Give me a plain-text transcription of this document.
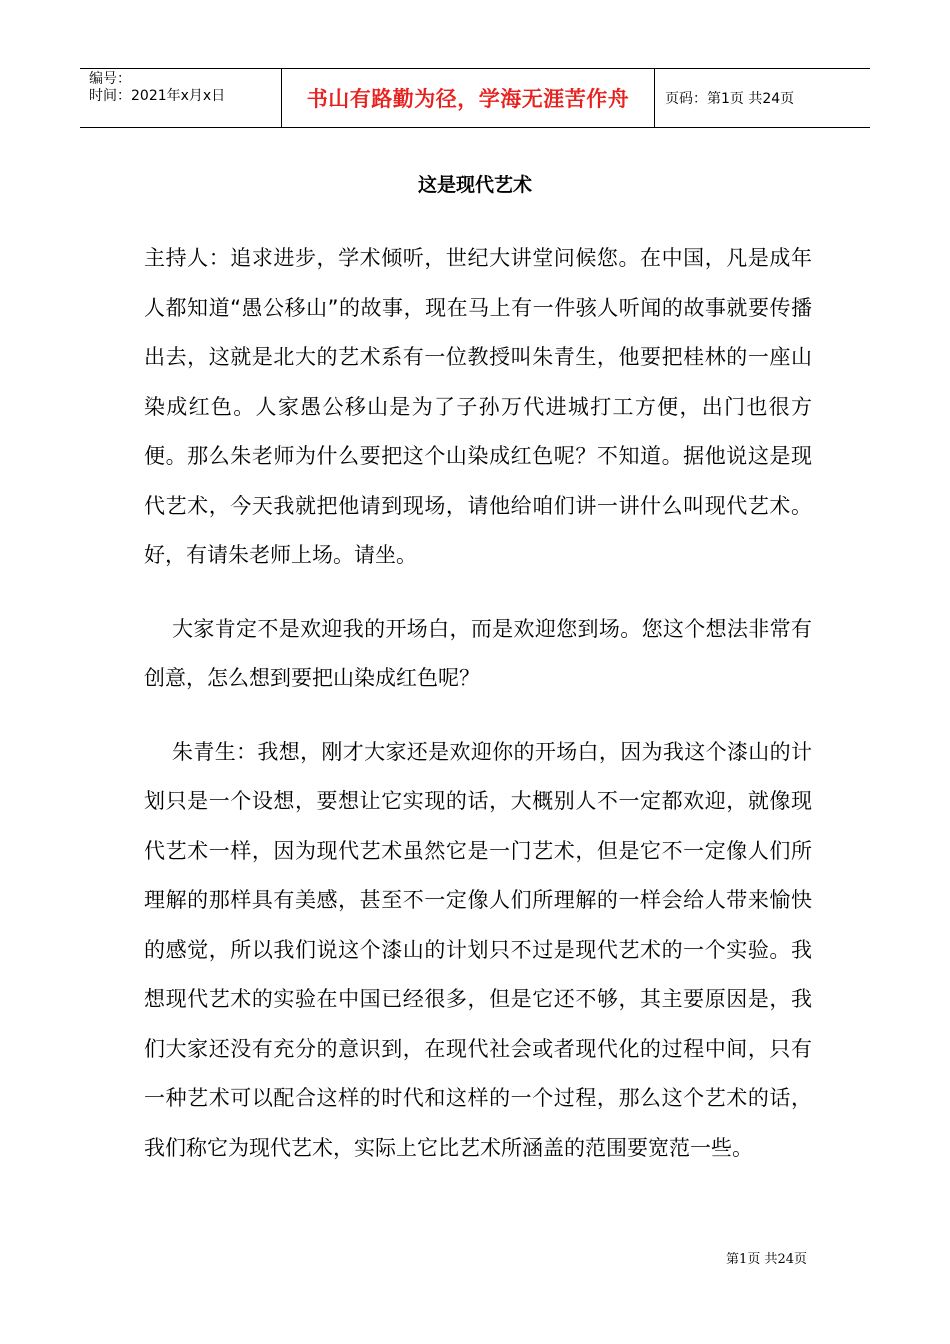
编号：
时间：2021年x月x日	书山有路勤为径，学海无涯苦作舟	页码：第1页 共24页
这是现代艺术

主持人：追求进步，学术倾听，世纪大讲堂问候您。在中国，凡是成年人都知道“愚公移山”的故事，现在马上有一件骇人听闻的故事就要传播出去，这就是北大的艺术系有一位教授叫朱青生，他要把桂林的一座山染成红色。人家愚公移山是为了子孙万代进城打工方便，出门也很方便。那么朱老师为什么要把这个山染成红色呢？不知道。据他说这是现代艺术，今天我就把他请到现场，请他给咱们讲一讲什么叫现代艺术。好，有请朱老师上场。请坐。

大家肯定不是欢迎我的开场白，而是欢迎您到场。您这个想法非常有创意，怎么想到要把山染成红色呢？

朱青生：我想，刚才大家还是欢迎你的开场白，因为我这个漆山的计划只是一个设想，要想让它实现的话，大概别人不一定都欢迎，就像现代艺术一样，因为现代艺术虽然它是一门艺术，但是它不一定像人们所理解的那样具有美感，甚至不一定像人们所理解的一样会给人带来愉快的感觉，所以我们说这个漆山的计划只不过是现代艺术的一个实验。我想现代艺术的实验在中国已经很多，但是它还不够，其主要原因是，我们大家还没有充分的意识到，在现代社会或者现代化的过程中间，只有一种艺术可以配合这样的时代和这样的一个过程，那么这个艺术的话，我们称它为现代艺术，实际上它比艺术所涵盖的范围要宽范一些。

第1页 共24页
